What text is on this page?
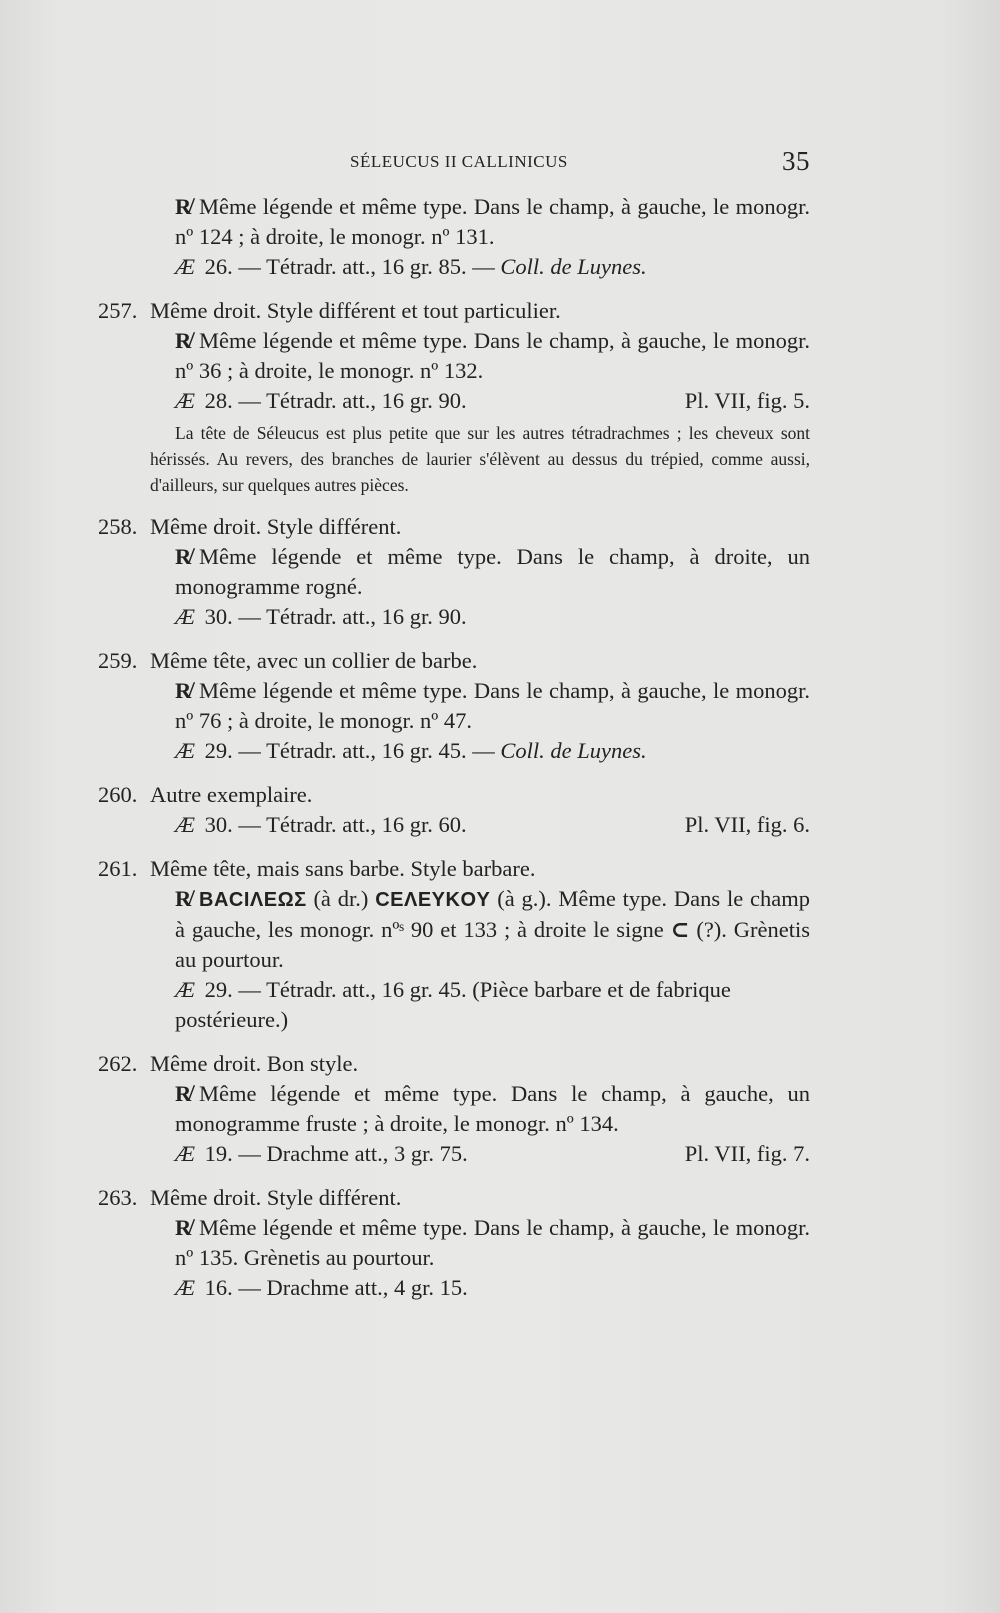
SÉLEUCUS II CALLINICUS	35
R̸ Même légende et même type. Dans le champ, à gauche, le monogr. nº 124 ; à droite, le monogr. nº 131.
Æ 26. — Tétradr. att., 16 gr. 85. — Coll. de Luynes.
257. Même droit. Style différent et tout particulier.
R̸ Même légende et même type. Dans le champ, à gauche, le monogr. nº 36 ; à droite, le monogr. nº 132.
Æ 28. — Tétradr. att., 16 gr. 90.	Pl. VII, fig. 5.
La tête de Séleucus est plus petite que sur les autres tétradrachmes ; les cheveux sont hérissés. Au revers, des branches de laurier s'élèvent au dessus du trépied, comme aussi, d'ailleurs, sur quelques autres pièces.
258. Même droit. Style différent.
R̸ Même légende et même type. Dans le champ, à droite, un monogramme rogné.
Æ 30. — Tétradr. att., 16 gr. 90.
259. Même tête, avec un collier de barbe.
R̸ Même légende et même type. Dans le champ, à gauche, le monogr. nº 76 ; à droite, le monogr. nº 47.
Æ 29. — Tétradr. att., 16 gr. 45. — Coll. de Luynes.
260. Autre exemplaire.
Æ 30. — Tétradr. att., 16 gr. 60.	Pl. VII, fig. 6.
261. Même tête, mais sans barbe. Style barbare.
R̸ BACIΛEΩΣ (à dr.) CEΛEYKOY (à g.). Même type. Dans le champ à gauche, les monogr. nºˢ 90 et 133 ; à droite le signe ⊂ (?). Grènetis au pourtour.
Æ 29. — Tétradr. att., 16 gr. 45. (Pièce barbare et de fabrique postérieure.)
262. Même droit. Bon style.
R̸ Même légende et même type. Dans le champ, à gauche, un monogramme fruste ; à droite, le monogr. nº 134.
Æ 19. — Drachme att., 3 gr. 75.	Pl. VII, fig. 7.
263. Même droit. Style différent.
R̸ Même légende et même type. Dans le champ, à gauche, le monogr. nº 135. Grènetis au pourtour.
Æ 16. — Drachme att., 4 gr. 15.
